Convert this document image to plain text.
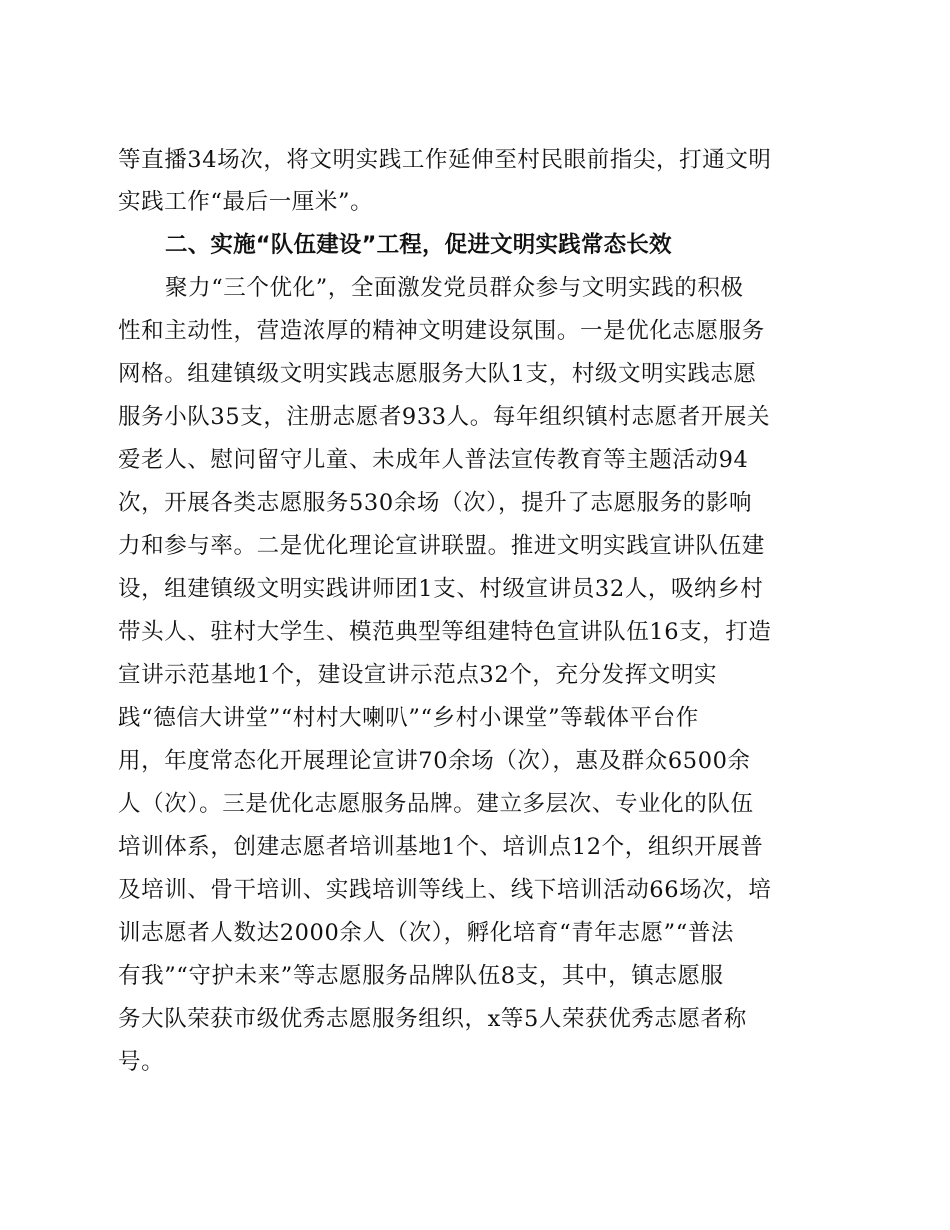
等直播34场次，将文明实践工作延伸至村民眼前指尖，打通文明
实践工作“最后一厘米”。
二、实施“队伍建设”工程，促进文明实践常态长效
聚力“三个优化”，全面激发党员群众参与文明实践的积极
性和主动性，营造浓厚的精神文明建设氛围。一是优化志愿服务
网格。组建镇级文明实践志愿服务大队1支，村级文明实践志愿
服务小队35支，注册志愿者933人。每年组织镇村志愿者开展关
爱老人、慰问留守儿童、未成年人普法宣传教育等主题活动94
次，开展各类志愿服务530余场（次），提升了志愿服务的影响
力和参与率。二是优化理论宣讲联盟。推进文明实践宣讲队伍建
设，组建镇级文明实践讲师团1支、村级宣讲员32人，吸纳乡村
带头人、驻村大学生、模范典型等组建特色宣讲队伍16支，打造
宣讲示范基地1个，建设宣讲示范点32个，充分发挥文明实
践“德信大讲堂”“村村大喇叭”“乡村小课堂”等载体平台作
用，年度常态化开展理论宣讲70余场（次），惠及群众6500余
人（次）。三是优化志愿服务品牌。建立多层次、专业化的队伍
培训体系，创建志愿者培训基地1个、培训点12个，组织开展普
及培训、骨干培训、实践培训等线上、线下培训活动66场次，培
训志愿者人数达2000余人（次），孵化培育“青年志愿”“普法
有我”“守护未来”等志愿服务品牌队伍8支，其中，镇志愿服
务大队荣获市级优秀志愿服务组织，x等5人荣获优秀志愿者称
号。
